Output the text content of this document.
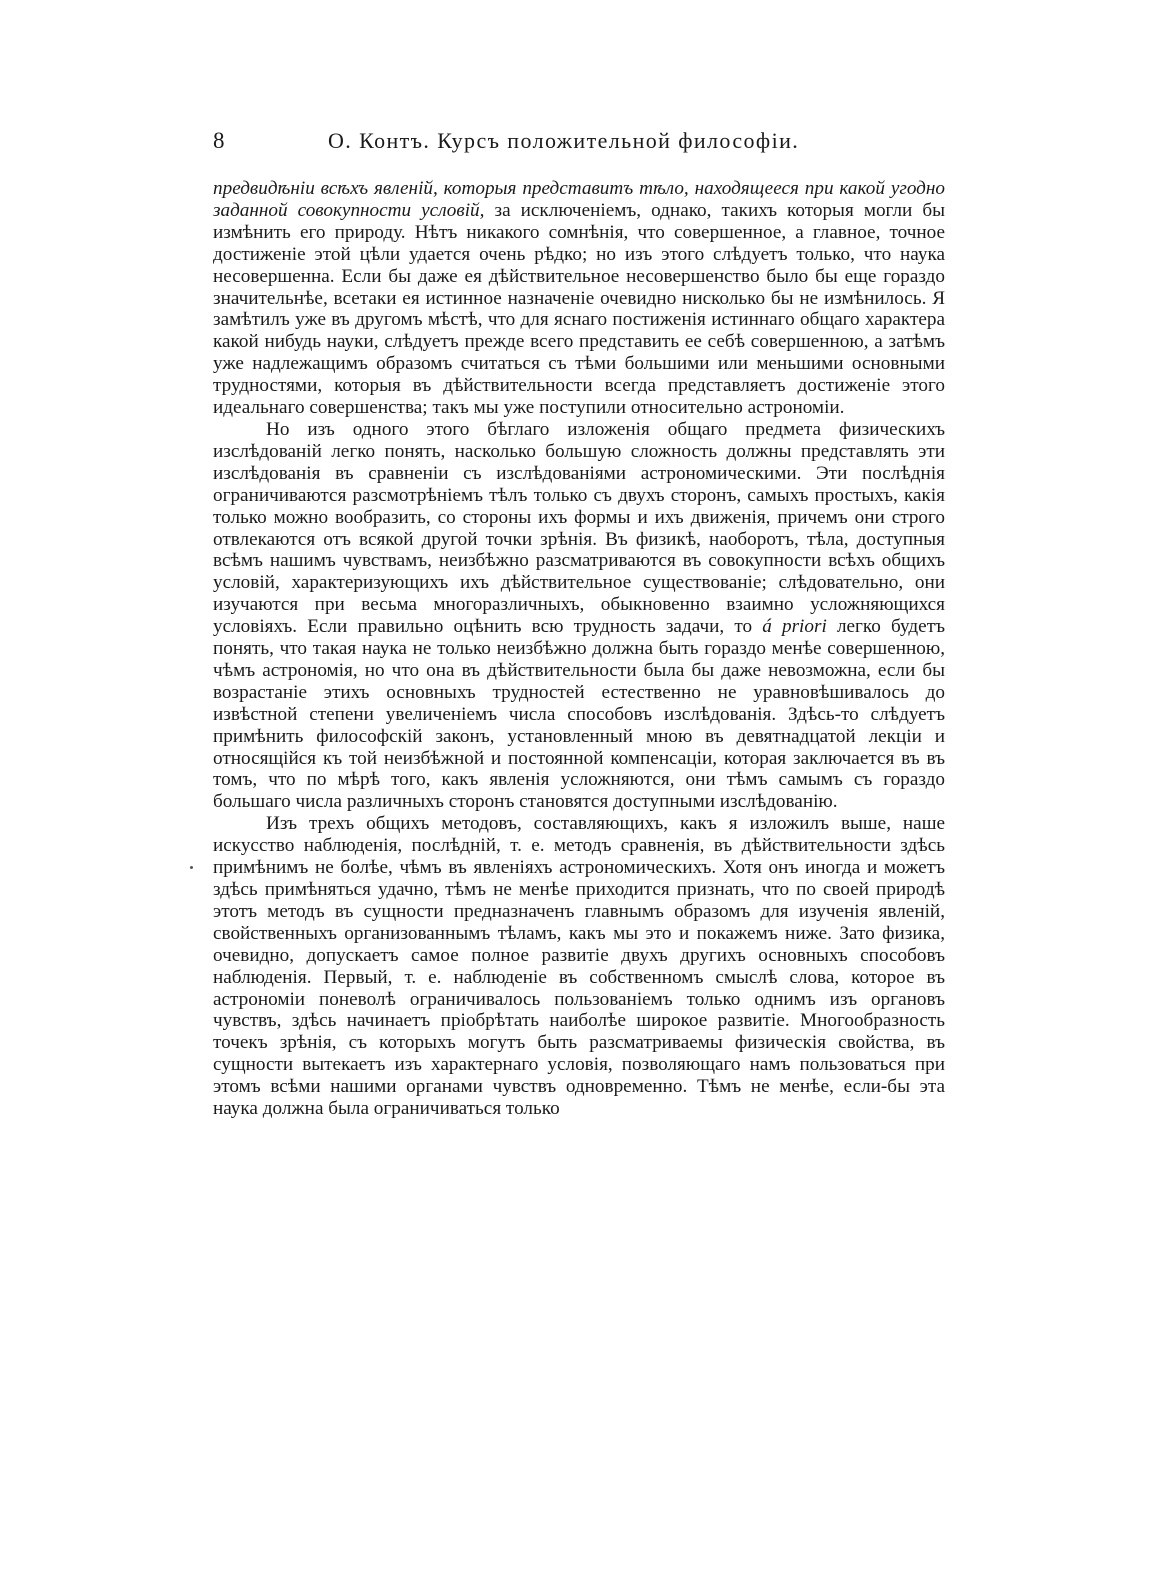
8	О. Контъ. Курсъ положительной философіи.

предвидѣніи всѣхъ явленій, которыя представитъ тѣло, находящееся при какой угодно заданной совокупности условій, за исключеніемъ, однако, такихъ которыя могли бы измѣнить его природу. Нѣтъ никакого сомнѣнія, что совершенное, а главное, точное достиженіе этой цѣли удается очень рѣдко; но изъ этого слѣдуетъ только, что наука несовершенна. Если бы даже ея дѣйствительное несовершенство было бы еще гораздо значительнѣе, всетаки ея истинное назначеніе очевидно нисколько бы не измѣнилось. Я замѣтилъ уже въ другомъ мѣстѣ, что для яснаго постиженія истиннаго общаго характера какой нибудь науки, слѣдуетъ прежде всего представить ее себѣ совершенною, а затѣмъ уже надлежащимъ образомъ считаться съ тѣми большими или меньшими основными трудностями, которыя въ дѣйствительности всегда представляетъ достиженіе этого идеальнаго совершенства; такъ мы уже поступили относительно астрономіи.

Но изъ одного этого бѣглаго изложенія общаго предмета физическихъ изслѣдованій легко понять, насколько большую сложность должны представлять эти изслѣдованія въ сравненіи съ изслѣдованіями астрономическими. Эти послѣднія ограничиваются разсмотрѣніемъ тѣлъ только съ двухъ сторонъ, самыхъ простыхъ, какія только можно вообразить, со стороны ихъ формы и ихъ движенія, причемъ они строго отвлекаются отъ всякой другой точки зрѣнія. Въ физикѣ, наоборотъ, тѣла, доступныя всѣмъ нашимъ чувствамъ, неизбѣжно разсматриваются въ совокупности всѣхъ общихъ условій, характеризующихъ ихъ дѣйствительное существованіе; слѣдовательно, они изучаются при весьма многоразличныхъ, обыкновенно взаимно усложняющихся условіяхъ. Если правильно оцѣнить всю трудность задачи, то á priori легко будетъ понять, что такая наука не только неизбѣжно должна быть гораздо менѣе совершенною, чѣмъ астрономія, но что она въ дѣйствительности была бы даже невозможна, если бы возрастаніе этихъ основныхъ трудностей естественно не уравновѣшивалось до извѣстной степени увеличеніемъ числа способовъ изслѣдованія. Здѣсь-то слѣдуетъ примѣнить философскій законъ, установленный мною въ девятнадцатой лекціи и относящійся къ той неизбѣжной и постоянной компенсаціи, которая заключается въ въ томъ, что по мѣрѣ того, какъ явленія усложняются, они тѣмъ самымъ съ гораздо большаго числа различныхъ сторонъ становятся доступными изслѣдованію.

Изъ трехъ общихъ методовъ, составляющихъ, какъ я изложилъ выше, наше искусство наблюденія, послѣдній, т. е. методъ сравненія, въ дѣйствительности здѣсь примѣнимъ не болѣе, чѣмъ въ явленіяхъ астрономическихъ. Хотя онъ иногда и можетъ здѣсь примѣняться удачно, тѣмъ не менѣе приходится признать, что по своей природѣ этотъ методъ въ сущности предназначенъ главнымъ образомъ для изученія явленій, свойственныхъ организованнымъ тѣламъ, какъ мы это и покажемъ ниже. Зато физика, очевидно, допускаетъ самое полное развитіе двухъ другихъ основныхъ способовъ наблюденія. Первый, т. е. наблюденіе въ собственномъ смыслѣ слова, которое въ астрономіи поневолѣ ограничивалось пользованіемъ только однимъ изъ органовъ чувствъ, здѣсь начинаетъ пріобрѣтать наиболѣе широкое развитіе. Многообразность точекъ зрѣнія, съ которыхъ могутъ быть разсматриваемы физическія свойства, въ сущности вытекаетъ изъ характернаго условія, позволяющаго намъ пользоваться при этомъ всѣми нашими органами чувствъ одновременно. Тѣмъ не менѣе, если-бы эта наука должна была ограничиваться только
